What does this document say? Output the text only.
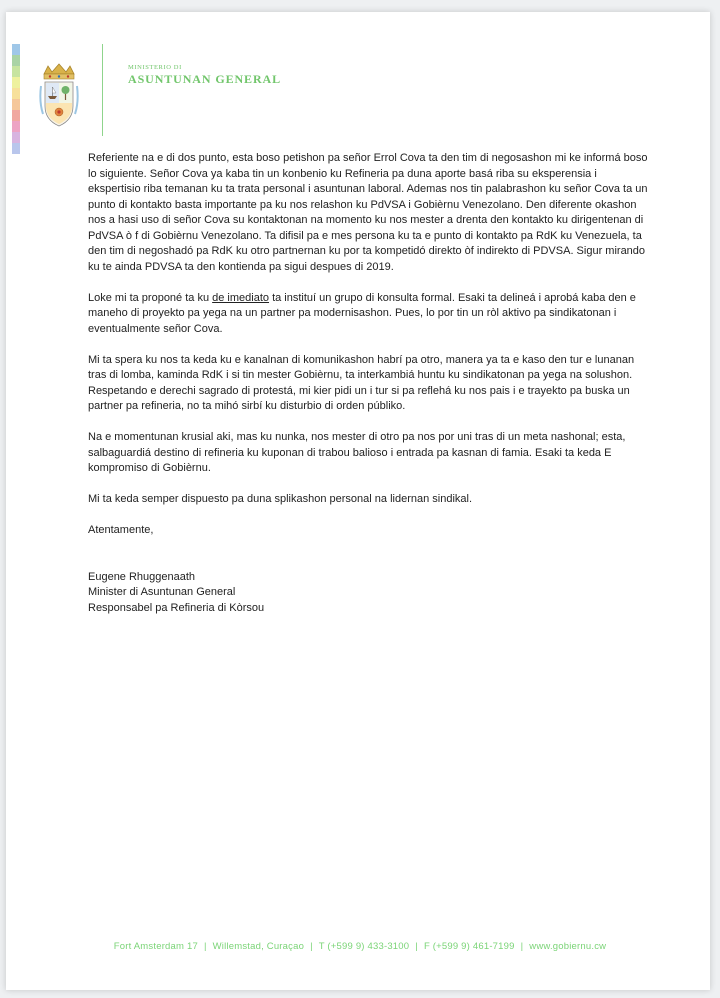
MINISTERIO DI
ASUNTUNAN GENERAL

Referiente na e di dos punto, esta boso petishon pa señor Errol Cova ta den tim di negosashon mi ke informá boso lo siguiente. Señor Cova ya kaba tin un konbenio ku Refineria pa duna aporte basá riba su eksperensia i ekspertisio riba temanan ku ta trata personal i asuntunan laboral. Ademas nos tin palabrashon ku señor Cova ta un punto di kontakto basta importante pa ku nos relashon ku PdVSA i Gobièrnu Venezolano. Den diferente okashon nos a hasi uso di señor Cova su kontaktonan na momento ku nos mester a drenta den kontakto ku dirigentenan di PdVSA ò f di Gobièrnu Venezolano. Ta difisil pa e mes persona ku ta e punto di kontakto pa RdK ku Venezuela, ta den tim di negoshadó pa RdK ku otro partnernan ku por ta kompetidó direkto òf indirekto di PDVSA. Sigur mirando ku te ainda PDVSA ta den kontienda pa sigui despues di 2019.

Loke mi ta proponé ta ku de imediato ta instituí un grupo di konsulta formal. Esaki ta delineá i aprobá kaba den e maneho di proyekto pa yega na un partner pa modernisashon. Pues, lo por tin un ròl aktivo pa sindikatonan i eventualmente señor Cova.

Mi ta spera ku nos ta keda ku e kanalnan di komunikashon habrí pa otro, manera ya ta e kaso den tur e lunanan tras di lomba, kaminda RdK i si tin mester Gobièrnu, ta interkambiá huntu ku sindikatonan pa yega na solushon. Respetando e derechi sagrado di protestá, mi kier pidi un i tur si pa reflehá ku nos pais i e trayekto pa buska un partner pa refineria, no ta mihó sirbí ku disturbio di orden públiko.

Na e momentunan krusial aki, mas ku nunka, nos mester di otro pa nos por uni tras di un meta nashonal; esta, salbaguardiá destino di refineria ku kuponan di trabou balioso i entrada pa kasnan di famia. Esaki ta keda E kompromiso di Gobièrnu.

Mi ta keda semper dispuesto pa duna splikashon personal na lidernan sindikal.

Atentamente,

Eugene Rhuggenaath
Minister di Asuntunan General
Responsabel pa Refineria di Kòrsou
Fort Amsterdam 17 | Willemstad, Curaçao | T (+599 9) 433-3100 | F (+599 9) 461-7199 | www.gobiernu.cw
